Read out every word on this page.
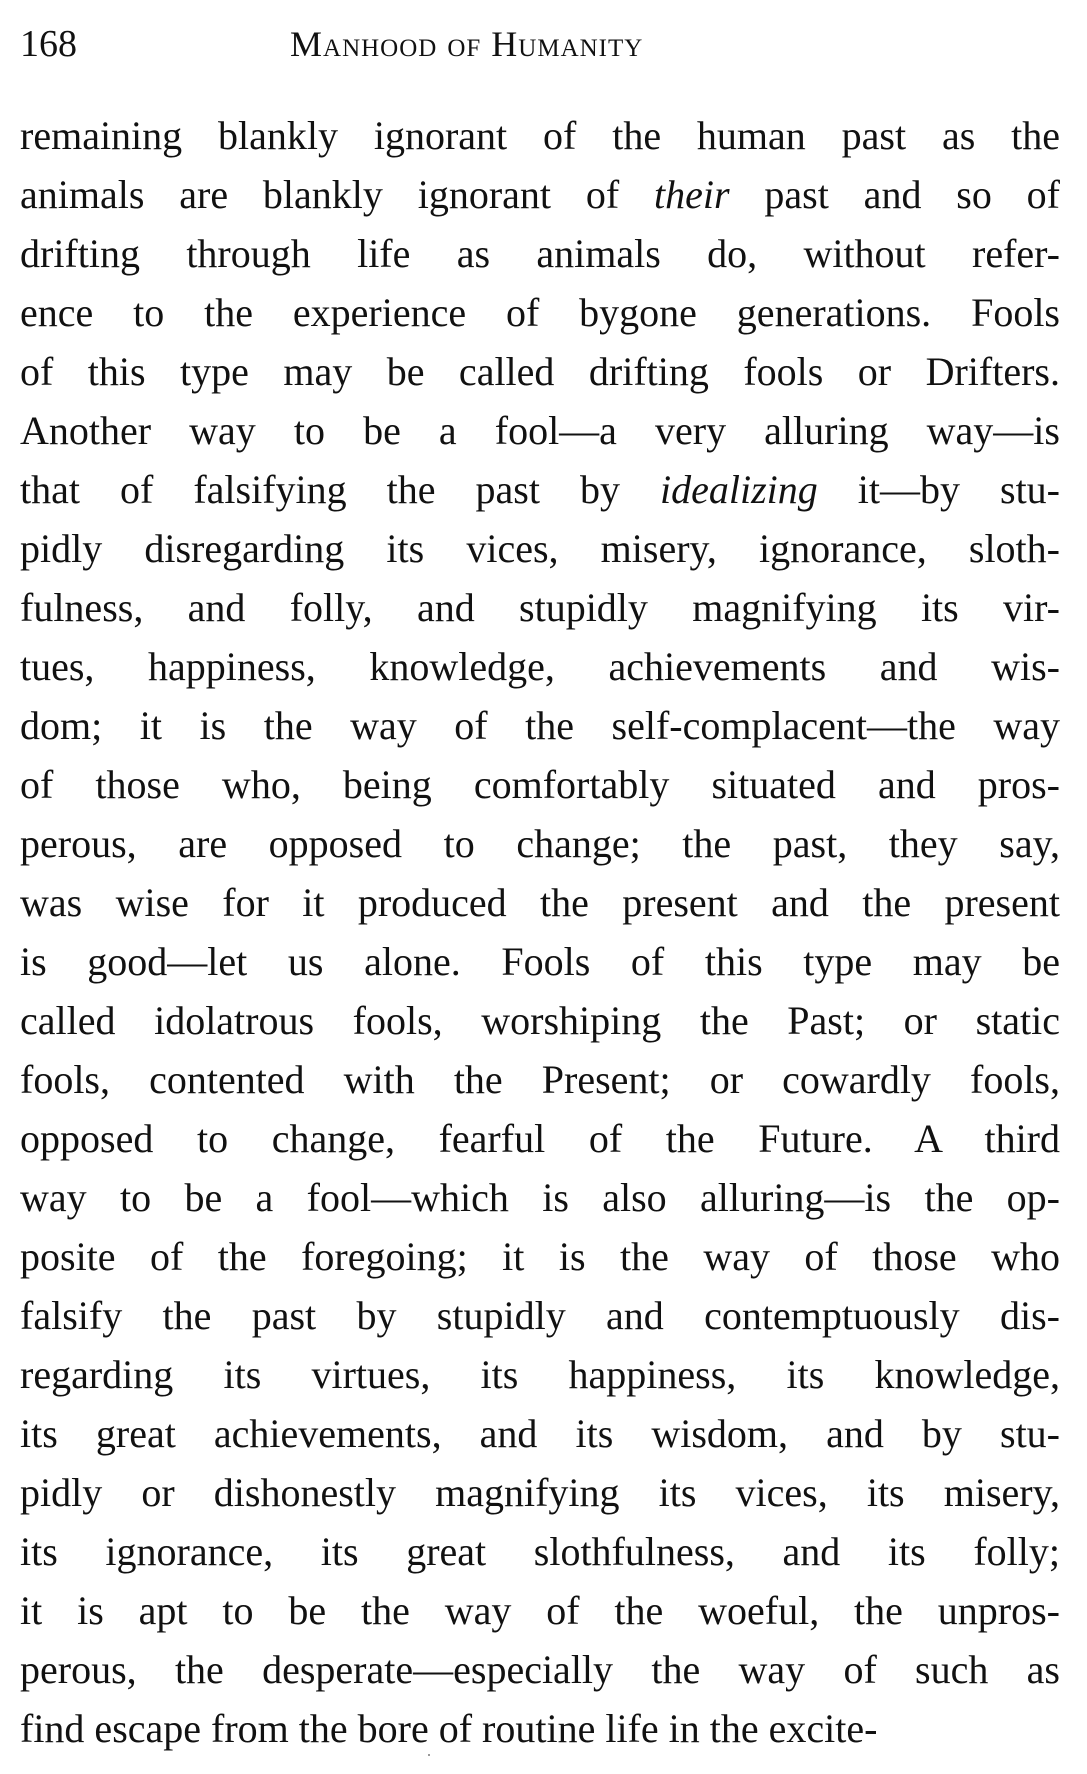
168	Manhood of Humanity
remaining blankly ignorant of the human past as the
animals are blankly ignorant of their past and so of
drifting through life as animals do, without refer-
ence to the experience of bygone generations. Fools
of this type may be called drifting fools or Drifters.
Another way to be a fool—a very alluring way—is
that of falsifying the past by idealizing it—by stu-
pidly disregarding its vices, misery, ignorance, sloth-
fulness, and folly, and stupidly magnifying its vir-
tues, happiness, knowledge, achievements and wis-
dom; it is the way of the self-complacent—the way
of those who, being comfortably situated and pros-
perous, are opposed to change; the past, they say,
was wise for it produced the present and the present
is good—let us alone. Fools of this type may be
called idolatrous fools, worshiping the Past; or static
fools, contented with the Present; or cowardly fools,
opposed to change, fearful of the Future. A third
way to be a fool—which is also alluring—is the op-
posite of the foregoing; it is the way of those who
falsify the past by stupidly and contemptuously dis-
regarding its virtues, its happiness, its knowledge,
its great achievements, and its wisdom, and by stu-
pidly or dishonestly magnifying its vices, its misery,
its ignorance, its great slothfulness, and its folly;
it is apt to be the way of the woeful, the unpros-
perous, the desperate—especially the way of such as
find escape from the bore of routine life in the excite-
